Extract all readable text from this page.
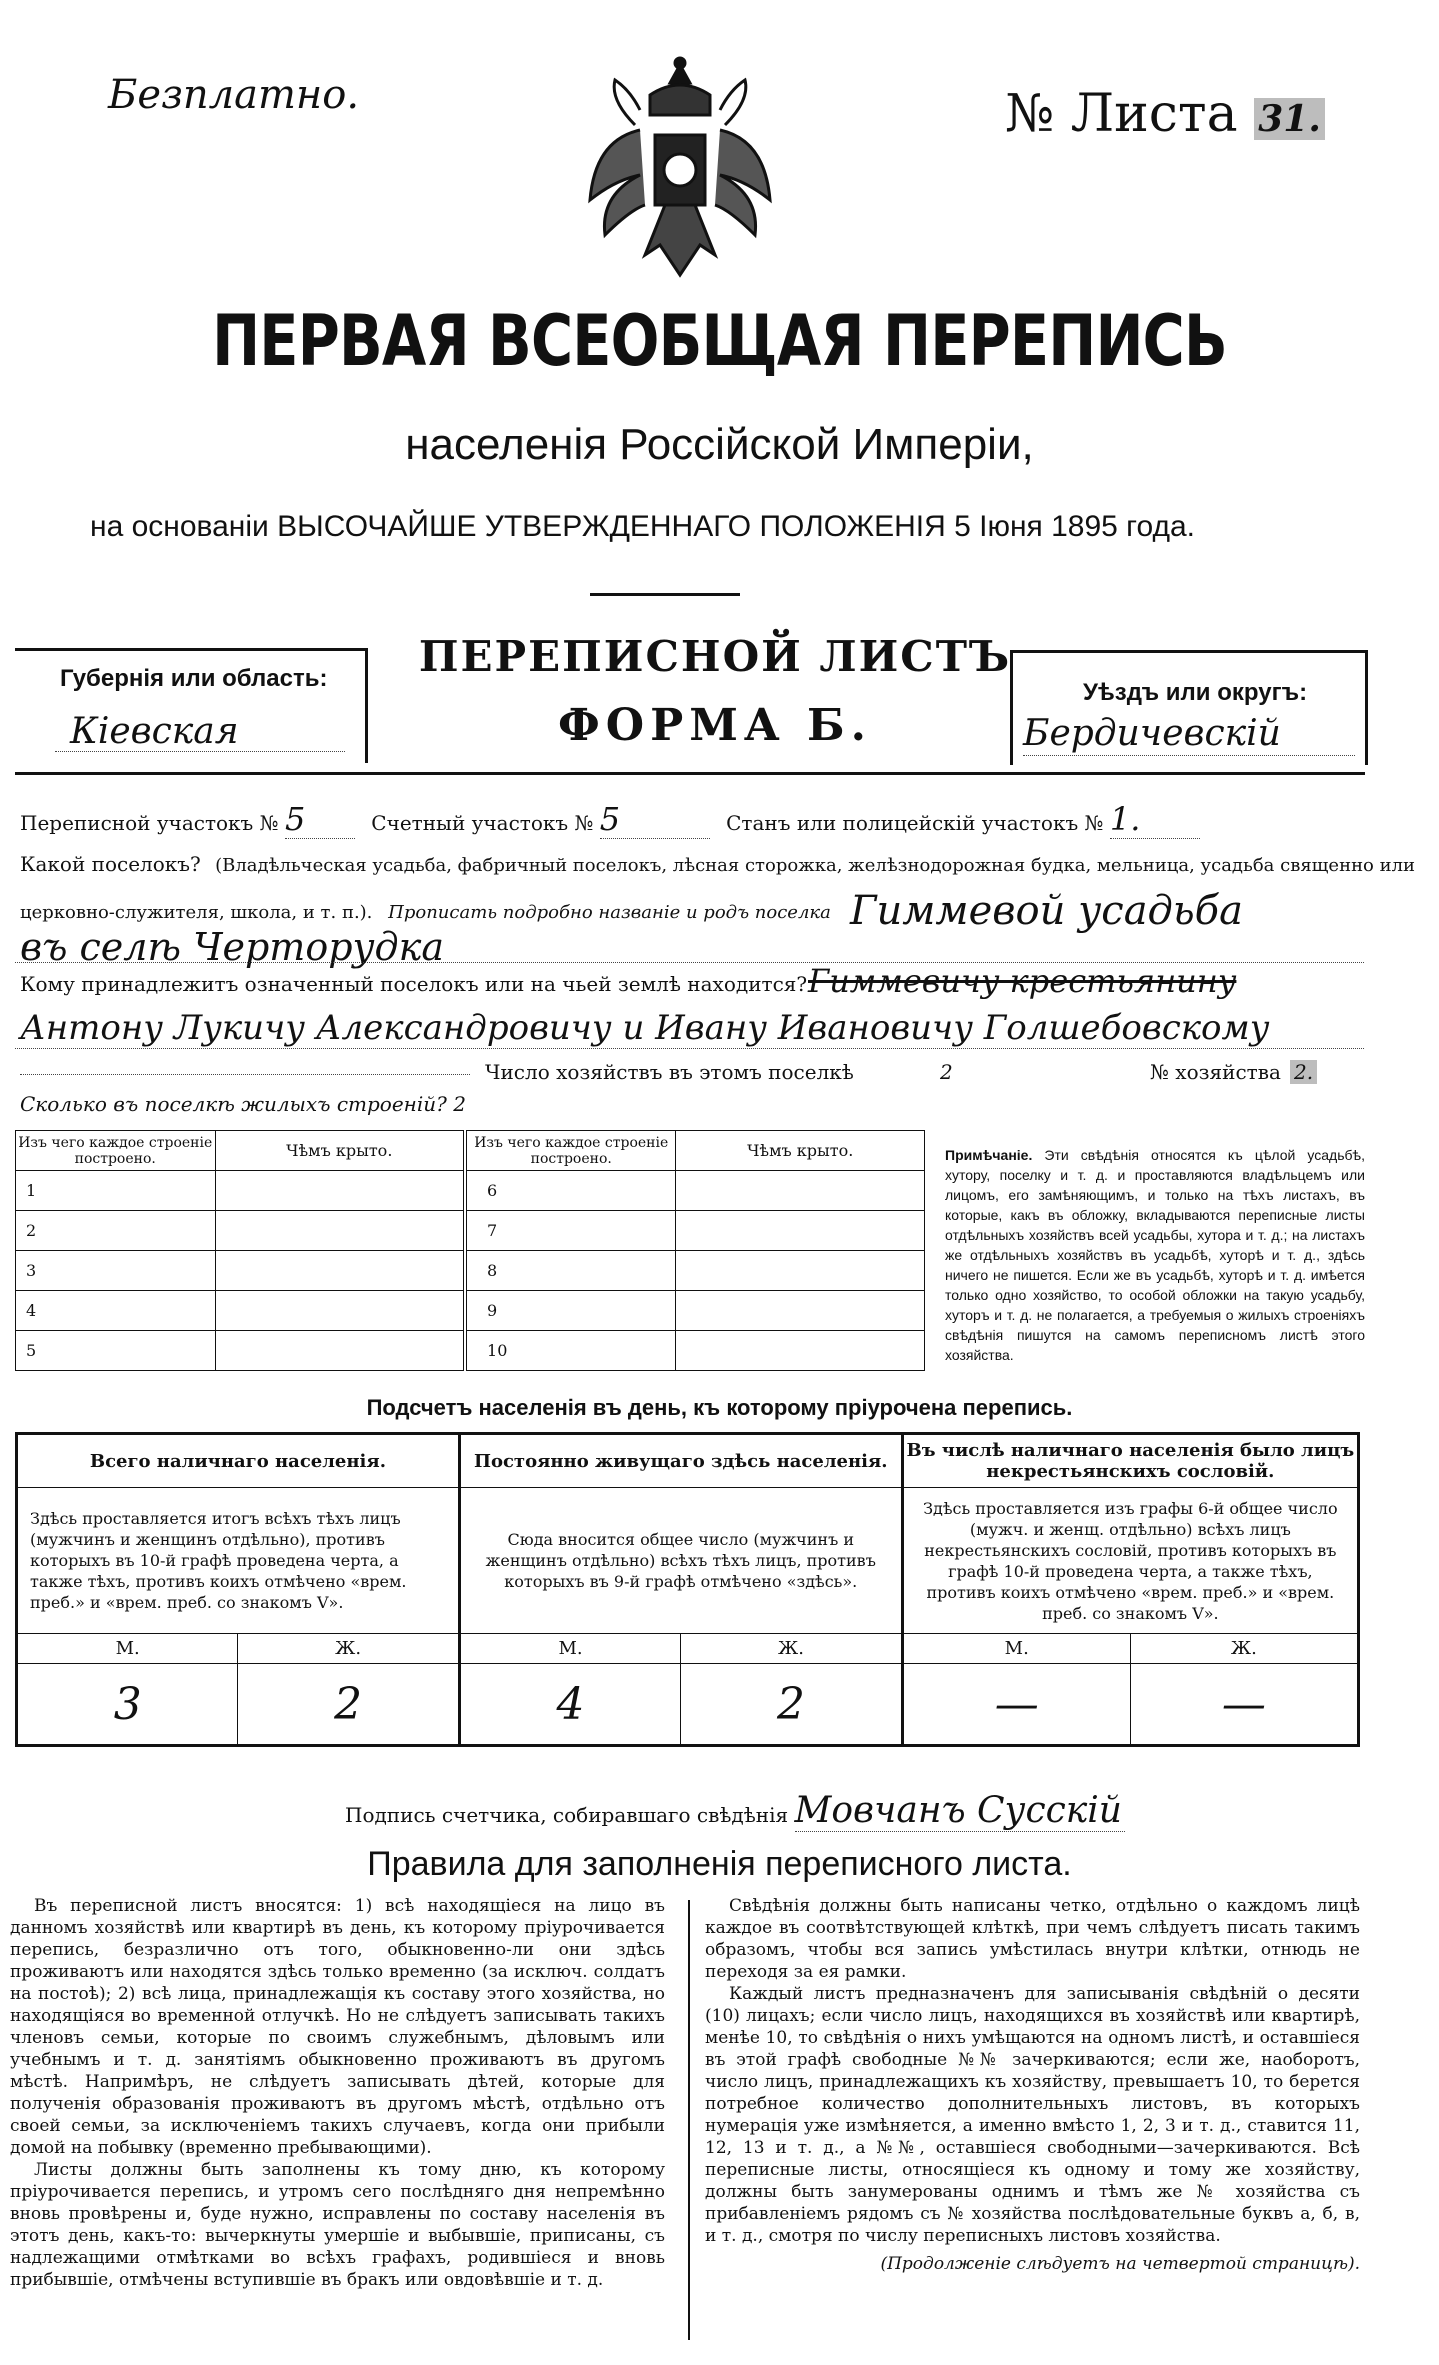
Безплатно.	№ Листа 31.
ПЕРВАЯ ВСЕОБЩАЯ ПЕРЕПИСЬ
населенія Россійской Имперіи,
на основаніи ВЫСОЧАЙШЕ УТВЕРЖДЕННАГО ПОЛОЖЕНІЯ 5 Іюня 1895 года.
Губернія или область:
Кіевская
ПЕРЕПИСНОЙ ЛИСТЪ
ФОРМА Б.
Уѣздъ или округъ:
Бердичевскій
Переписной участокъ № 5	Счетный участокъ № 5	Станъ или полицейскій участокъ № 1.
Какой поселокъ? (Владѣльческая усадьба, фабричный поселокъ, лѣсная сторожка, желѣзнодорожная будка, мельница, усадьба священно или
церковно-служителя, школа, и т. п.). Прописать подробно названіе и родъ поселка Гиммевой усадьба
въ селѣ Черторудка
Кому принадлежитъ означенный поселокъ или на чьей землѣ находится? Гиммевичу крестьянину
Антону Лукичу Александровичу и Ивану Ивановичу Голшебовскому
Число хозяйствъ въ этомъ поселкѣ	2	№ хозяйства 2.
Сколько въ поселкѣ жилыхъ строеній? 2
Изъ чего каждое строеніе построено.	Чѣмъ крыто.	Изъ чего каждое строеніе построено.	Чѣмъ крыто.
1		6	
2		7	
3		8	
4		9	
5		10	
Примѣчаніе. Эти свѣдѣнія относятся къ цѣлой усадьбѣ, хутору, поселку и т. д. и проставляются владѣльцемъ или лицомъ, его замѣняющимъ, и только на тѣхъ листахъ, въ которые, какъ въ обложку, вкладываются переписные листы отдѣльныхъ хозяйствъ всей усадьбы, хутора и т. д.; на листахъ же отдѣльныхъ хозяйствъ въ усадьбѣ, хуторѣ и т. д., здѣсь ничего не пишется. Если же въ усадьбѣ, хуторѣ и т. д. имѣется только одно хозяйство, то особой обложки на такую усадьбу, хуторъ и т. д. не полагается, а требуемыя о жилыхъ строеніяхъ свѣдѣнія пишутся на самомъ переписномъ листѣ этого хозяйства.
Подсчетъ населенія въ день, къ которому пріурочена перепись.
Всего наличнаго населенія.		Постоянно живущаго здѣсь населенія.		Въ числѣ наличнаго населенія было лицъ некрестьянскихъ сословій.	
Здѣсь проставляется итогъ всѣхъ тѣхъ лицъ (мужчинъ и женщинъ отдѣльно), противъ которыхъ въ 10-й графѣ проведена черта, а также тѣхъ, противъ коихъ отмѣчено «врем. преб.» и «врем. преб. со знакомъ V».		Сюда вносится общее число (мужчинъ и женщинъ отдѣльно) всѣхъ тѣхъ лицъ, противъ которыхъ въ 9-й графѣ отмѣчено «здѣсь».		Здѣсь проставляется изъ графы 6-й общее число (мужч. и женщ. отдѣльно) всѣхъ лицъ некрестьянскихъ сословій, противъ которыхъ въ графѣ 10-й проведена черта, а также тѣхъ, противъ коихъ отмѣчено «врем. преб.» и «врем. преб. со знакомъ V».	
М.	Ж.	М.	Ж.	М.	Ж.
3	2	4	2	—	—
Подпись счетчика, собиравшаго свѣдѣнія Мовчанъ Сусскій
Правила для заполненія переписного листа.

Въ переписной листъ вносятся: 1) всѣ находящіеся на лицо въ данномъ хозяйствѣ или квартирѣ въ день, къ которому пріурочивается перепись, безразлично отъ того, обыкновенно-ли они здѣсь проживаютъ или находятся здѣсь только временно (за исключ. солдатъ на постоѣ); 2) всѣ лица, принадлежащія къ составу этого хозяйства, но находящіяся во временной отлучкѣ. Но не слѣдуетъ записывать такихъ членовъ семьи, которые по своимъ служебнымъ, дѣловымъ или учебнымъ и т. д. занятіямъ обыкновенно проживаютъ въ другомъ мѣстѣ. Напримѣръ, не слѣдуетъ записывать дѣтей, которые для полученія образованія проживаютъ въ другомъ мѣстѣ, отдѣльно отъ своей семьи, за исключеніемъ такихъ случаевъ, когда они прибыли домой на побывку (временно пребывающими).

Листы должны быть заполнены къ тому дню, къ которому пріурочивается перепись, и утромъ сего послѣдняго дня непремѣнно вновь провѣрены и, буде нужно, исправлены по составу населенія въ этотъ день, какъ-то: вычеркнуты умершіе и выбывшіе, приписаны, съ надлежащими отмѣтками во всѣхъ графахъ, родившіеся и вновь прибывшіе, отмѣчены вступившіе въ бракъ или овдовѣвшіе и т. д.

Свѣдѣнія должны быть написаны четко, отдѣльно о каждомъ лицѣ каждое въ соотвѣтствующей клѣткѣ, при чемъ слѣдуетъ писать такимъ образомъ, чтобы вся запись умѣстилась внутри клѣтки, отнюдь не переходя за ея рамки.

Каждый листъ предназначенъ для записыванія свѣдѣній о десяти (10) лицахъ; если число лицъ, находящихся въ хозяйствѣ или квартирѣ, менѣе 10, то свѣдѣнія о нихъ умѣщаются на одномъ листѣ, и оставшіеся въ этой графѣ свободные №№ зачеркиваются; если же, наоборотъ, число лицъ, принадлежащихъ къ хозяйству, превышаетъ 10, то берется потребное количество дополнительныхъ листовъ, въ которыхъ нумерація уже измѣняется, а именно вмѣсто 1, 2, 3 и т. д., ставится 11, 12, 13 и т. д., а №№, оставшіеся свободными—зачеркиваются. Всѣ переписные листы, относящіеся къ одному и тому же хозяйству, должны быть занумерованы однимъ и тѣмъ же № хозяйства съ прибавленіемъ рядомъ съ № хозяйства послѣдовательные буквъ а, б, в, и т. д., смотря по числу переписныхъ листовъ хозяйства.

(Продолженіе слѣдуетъ на четвертой страницѣ).
